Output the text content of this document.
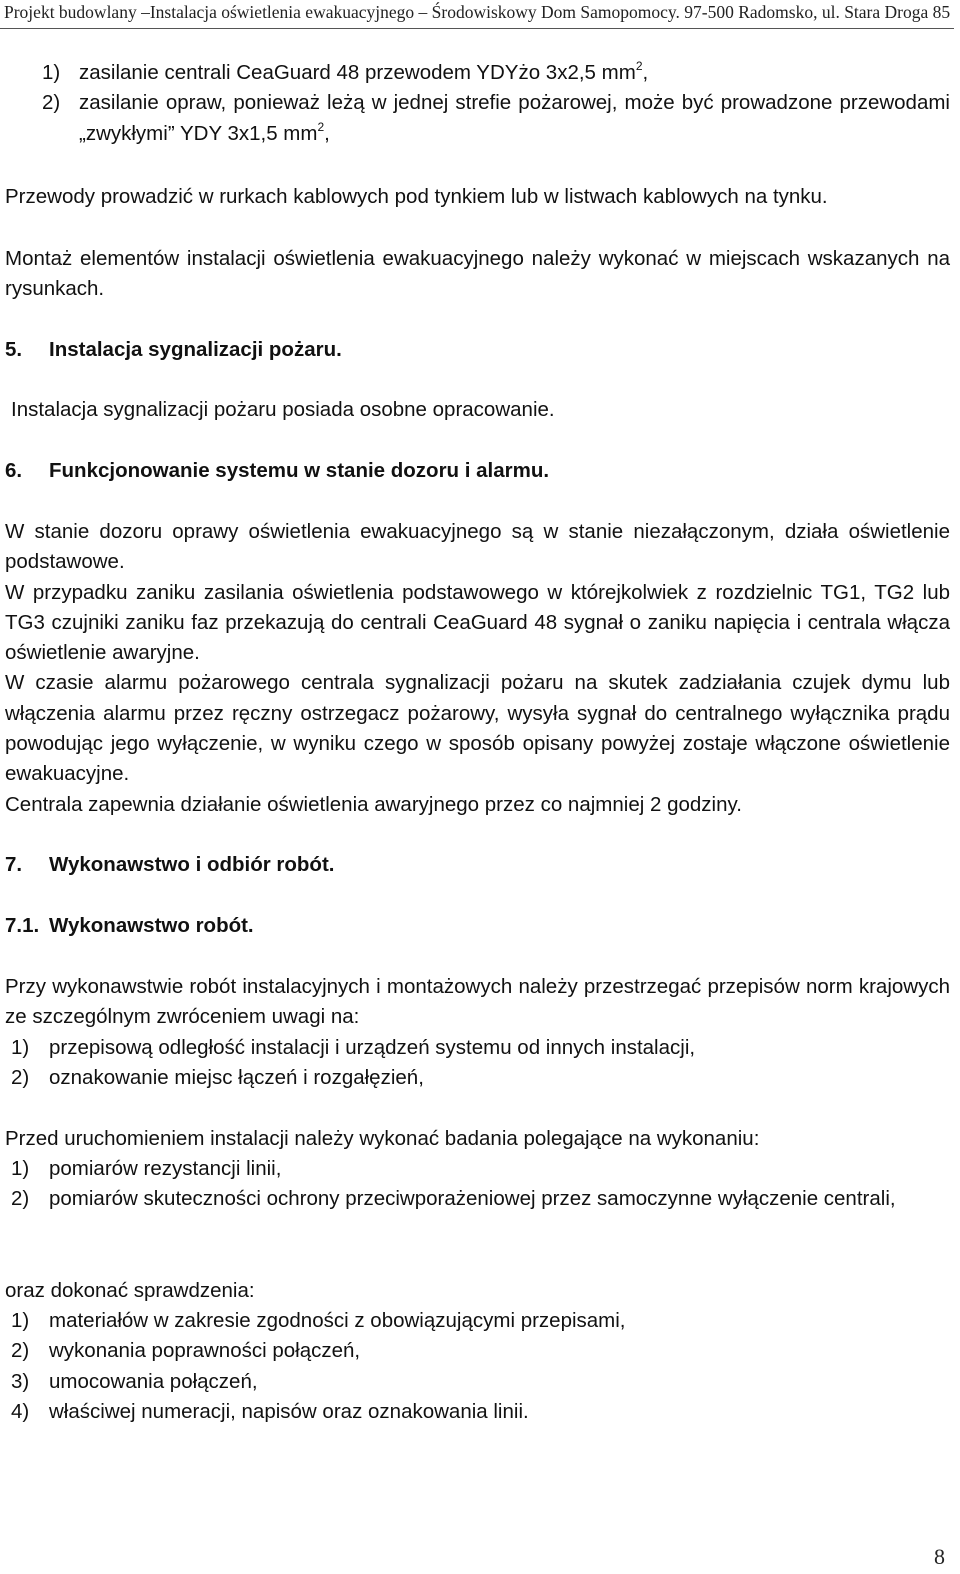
Projekt budowlany –Instalacja oświetlenia ewakuacyjnego – Środowiskowy Dom Samopomocy. 97-500 Radomsko, ul. Stara Droga 85
1) zasilanie centrali CeaGuard 48 przewodem YDYżo 3x2,5 $mm^2$,
2) zasilanie opraw, ponieważ leżą w jednej strefie pożarowej, może być prowadzone przewodami „zwykłymi” YDY 3x1,5 $mm^2$,
Przewody prowadzić w rurkach kablowych pod tynkiem lub w listwach kablowych na tynku.
Montaż elementów instalacji oświetlenia ewakuacyjnego należy wykonać w miejscach wskazanych na rysunkach.
5. Instalacja sygnalizacji pożaru.
Instalacja sygnalizacji pożaru posiada osobne opracowanie.
6. Funkcjonowanie systemu w stanie dozoru i alarmu.
W stanie dozoru oprawy oświetlenia ewakuacyjnego są w stanie niezałączonym, działa oświetlenie podstawowe.
W przypadku zaniku zasilania oświetlenia podstawowego w którejkolwiek z rozdzielnic TG1, TG2 lub TG3 czujniki zaniku faz przekazują do centrali CeaGuard 48 sygnał o zaniku napięcia i centrala włącza oświetlenie awaryjne.
W czasie alarmu pożarowego centrala sygnalizacji pożaru na skutek zadziałania czujek dymu lub włączenia alarmu przez ręczny ostrzegacz pożarowy, wysyła sygnał do centralnego wyłącznika prądu powodując jego wyłączenie, w wyniku czego w sposób opisany powyżej zostaje włączone oświetlenie ewakuacyjne.
Centrala zapewnia działanie oświetlenia awaryjnego przez co najmniej 2 godziny.
7. Wykonawstwo i odbiór robót.
7.1. Wykonawstwo robót.
Przy wykonawstwie robót instalacyjnych i montażowych należy przestrzegać przepisów norm krajowych ze szczególnym zwróceniem uwagi na:
1) przepisową odległość instalacji i urządzeń systemu od innych instalacji,
2) oznakowanie miejsc łączeń i rozgałęzień,
Przed uruchomieniem instalacji należy wykonać badania polegające na wykonaniu:
1) pomiarów rezystancji linii,
2) pomiarów skuteczności ochrony przeciwporażeniowej przez samoczynne wyłączenie centrali,
oraz dokonać sprawdzenia:
1) materiałów w zakresie zgodności z obowiązującymi przepisami,
2) wykonania poprawności połączeń,
3) umocowania połączeń,
4) właściwej numeracji, napisów oraz oznakowania linii.
8
